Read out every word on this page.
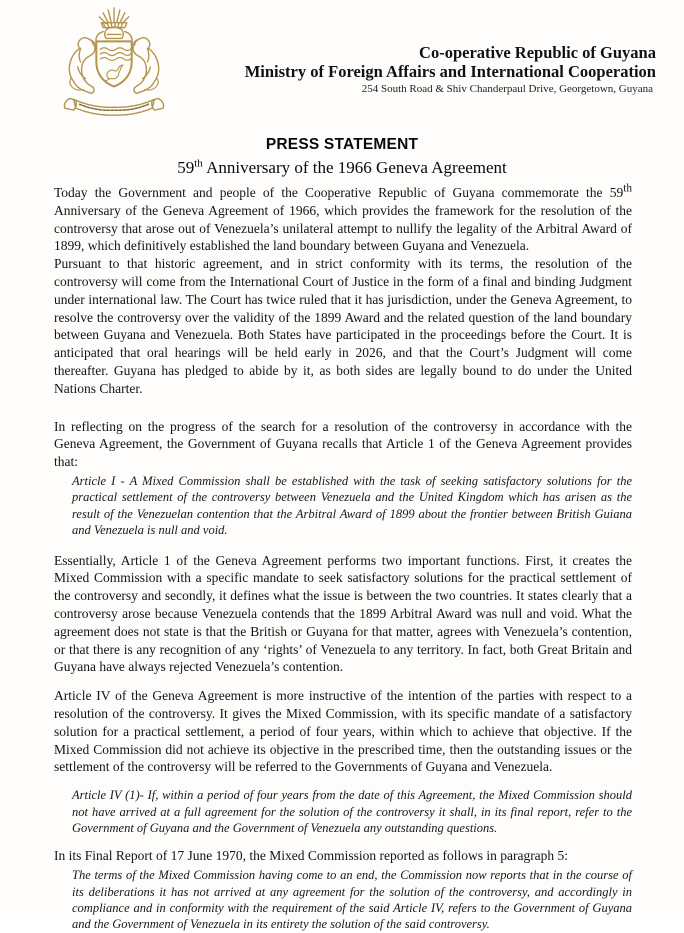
Co-operative Republic of Guyana
Ministry of Foreign Affairs and International Cooperation
254 South Road & Shiv Chanderpaul Drive, Georgetown, Guyana
PRESS STATEMENT
59th Anniversary of the 1966 Geneva Agreement

Today the Government and people of the Cooperative Republic of Guyana commemorate the 59th Anniversary of the Geneva Agreement of 1966, which provides the framework for the resolution of the controversy that arose out of Venezuela’s unilateral attempt to nullify the legality of the Arbitral Award of 1899, which definitively established the land boundary between Guyana and Venezuela.

Pursuant to that historic agreement, and in strict conformity with its terms, the resolution of the controversy will come from the International Court of Justice in the form of a final and binding Judgment under international law. The Court has twice ruled that it has jurisdiction, under the Geneva Agreement, to resolve the controversy over the validity of the 1899 Award and the related question of the land boundary between Guyana and Venezuela. Both States have participated in the proceedings before the Court. It is anticipated that oral hearings will be held early in 2026, and that the Court’s Judgment will come thereafter. Guyana has pledged to abide by it, as both sides are legally bound to do under the United Nations Charter.

In reflecting on the progress of the search for a resolution of the controversy in accordance with the Geneva Agreement, the Government of Guyana recalls that Article 1 of the Geneva Agreement provides that:

Article I - A Mixed Commission shall be established with the task of seeking satisfactory solutions for the practical settlement of the controversy between Venezuela and the United Kingdom which has arisen as the result of the Venezuelan contention that the Arbitral Award of 1899 about the frontier between British Guiana and Venezuela is null and void.

Essentially, Article 1 of the Geneva Agreement performs two important functions. First, it creates the Mixed Commission with a specific mandate to seek satisfactory solutions for the practical settlement of the controversy and secondly, it defines what the issue is between the two countries. It states clearly that a controversy arose because Venezuela contends that the 1899 Arbitral Award was null and void. What the agreement does not state is that the British or Guyana for that matter, agrees with Venezuela’s contention, or that there is any recognition of any ‘rights’ of Venezuela to any territory. In fact, both Great Britain and Guyana have always rejected Venezuela’s contention.

Article IV of the Geneva Agreement is more instructive of the intention of the parties with respect to a resolution of the controversy. It gives the Mixed Commission, with its specific mandate of a satisfactory solution for a practical settlement, a period of four years, within which to achieve that objective. If the Mixed Commission did not achieve its objective in the prescribed time, then the outstanding issues or the settlement of the controversy will be referred to the Governments of Guyana and Venezuela.

Article IV (1)- If, within a period of four years from the date of this Agreement, the Mixed Commission should not have arrived at a full agreement for the solution of the controversy it shall, in its final report, refer to the Government of Guyana and the Government of Venezuela any outstanding questions.

In its Final Report of 17 June 1970, the Mixed Commission reported as follows in paragraph 5:

The terms of the Mixed Commission having come to an end, the Commission now reports that in the course of its deliberations it has not arrived at any agreement for the solution of the controversy, and accordingly in compliance and in conformity with the requirement of the said Article IV, refers to the Government of Guyana and the Government of Venezuela in its entirety the solution of the said controversy.
